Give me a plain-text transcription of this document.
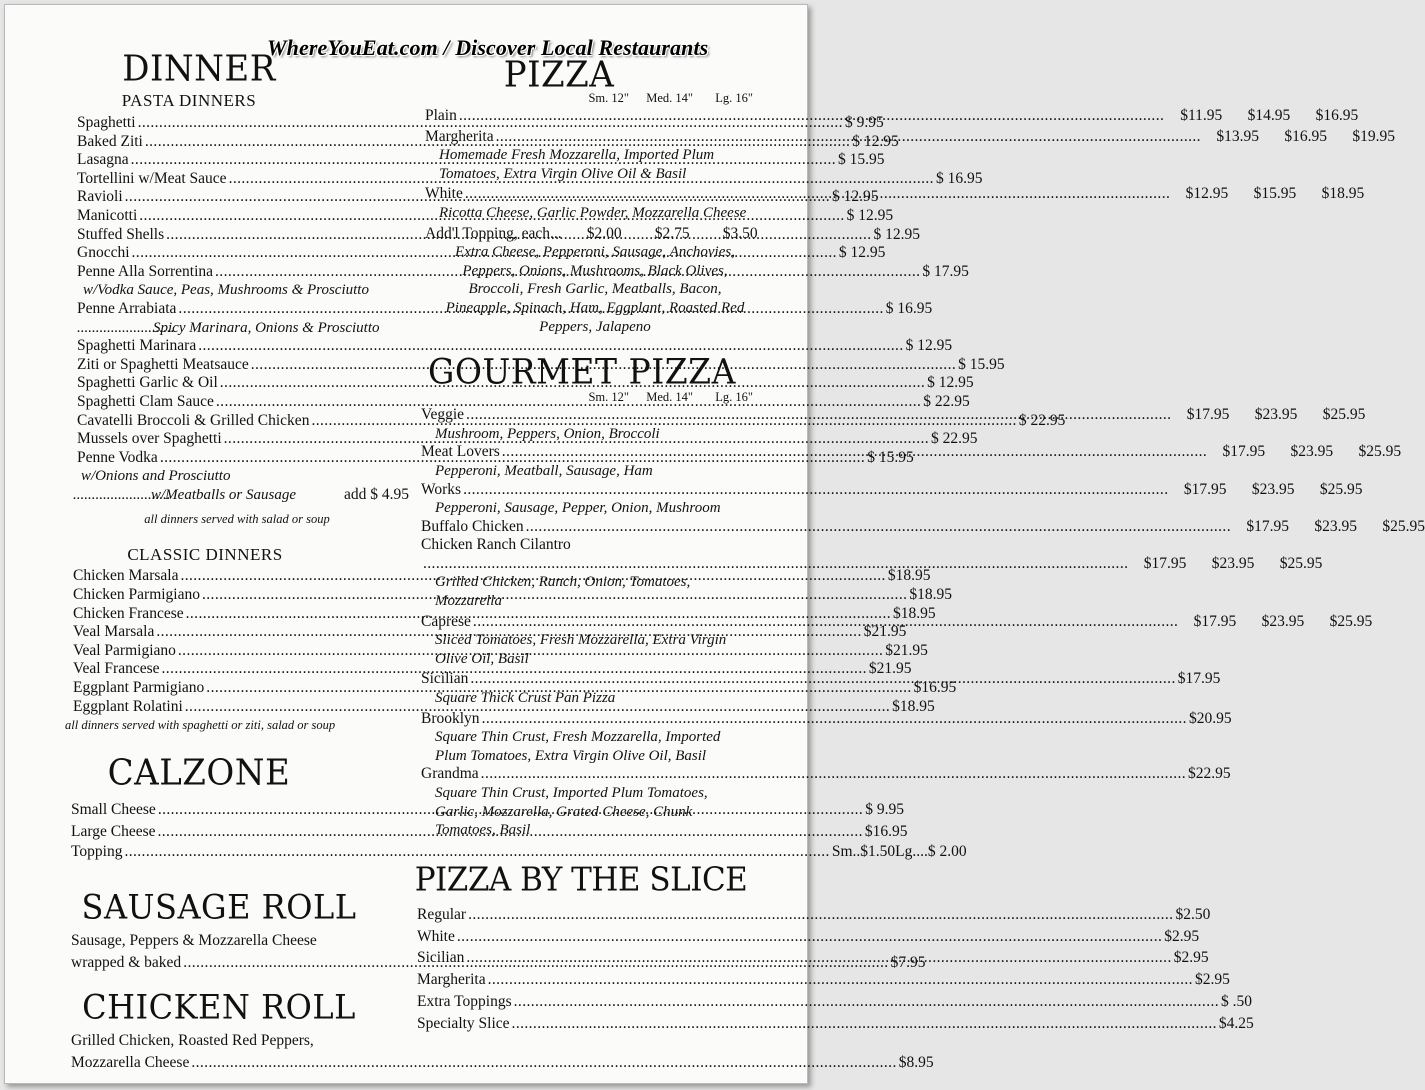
WhereYouEat.com / Discover Local Restaurants
DINNER
PASTA DINNERS
Spaghetti .....	$ 9.95
Baked Ziti .....	$ 12.95
Lasagna .....	$ 15.95
Tortellini w/Meat Sauce .....	$ 16.95
Ravioli .....	$ 12.95
Manicotti .....	$ 12.95
Stuffed Shells .....	$ 12.95
Gnocchi .....	$ 12.95
Penne Alla Sorrentina .....	$ 17.95
w/Vodka Sauce, Peas, Mushrooms & Prosciutto
Penne Arrabiata .....	$ 16.95
..........................
Spicy Marinara, Onions & Prosciutto
Spaghetti Marinara .....	$ 12.95
Ziti or Spaghetti Meatsauce .....	$ 15.95
Spaghetti Garlic & Oil .....	$ 12.95
Spaghetti Clam Sauce .....	$ 22.95
Cavatelli Broccoli & Grilled Chicken .....	$ 22.95
Mussels over Spaghetti .....	$ 22.95
Penne Vodka .....	$ 15.95
w/Onions and Prosciutto
..........................
w/Meatballs or Sausage	add $ 4.95
all dinners served with salad or soup
CLASSIC DINNERS
Chicken Marsala .....	$18.95
Chicken Parmigiano .....	$18.95
Chicken Francese .....	$18.95
Veal Marsala .....	$21.95
Veal Parmigiano .....	$21.95
Veal Francese .....	$21.95
Eggplant Parmigiano .....	$16.95
Eggplant Rolatini .....	$18.95
all dinners served with spaghetti or ziti, salad or soup
CALZONE
Small Cheese .....	$ 9.95
Large Cheese .....	$16.95
Topping .....	Sm..$1.50 Lg....$ 2.00
SAUSAGE ROLL
Sausage, Peppers & Mozzarella Cheese
wrapped & baked .....	$7.95
CHICKEN ROLL
Grilled Chicken, Roasted Red Peppers,
Mozzarella Cheese .....	$8.95
PIZZA
Sm. 12"	Med. 14"	Lg. 16"
Plain .....	$11.95	$14.95	$16.95
Margherita .....	$13.95	$16.95	$19.95
Homemade Fresh Mozzarella, Imported Plum Tomatoes, Extra Virgin Olive Oil & Basil
White .....	$12.95	$15.95	$18.95
Ricotta Cheese, Garlic Powder, Mozzarella Cheese
Add'l Topping, each...	$2.00	$2.75	$3.50
Extra Cheese, Pepperoni, Sausage, Anchovies, Peppers, Onions, Mushrooms, Black Olives, Broccoli, Fresh Garlic, Meatballs, Bacon, Pineapple, Spinach, Ham, Eggplant, Roasted Red Peppers, Jalapeno
GOURMET PIZZA
Sm. 12"	Med. 14"	Lg. 16"
Veggie .....	$17.95	$23.95	$25.95
Mushroom, Peppers, Onion, Broccoli
Meat Lovers .....	$17.95	$23.95	$25.95
Pepperoni, Meatball, Sausage, Ham
Works .....	$17.95	$23.95	$25.95
Pepperoni, Sausage, Pepper, Onion, Mushroom
Buffalo Chicken .....	$17.95	$23.95	$25.95
Chicken Ranch Cilantro
.....
$17.95	$23.95	$25.95
Grilled Chicken, Ranch, Onion, Tomatoes, Mozzarella
Caprese .....	$17.95	$23.95	$25.95
Sliced Tomatoes, Fresh Mozzarella, Extra Virgin Olive Oil, Basil
Sicilian .....	$17.95
Square Thick Crust Pan Pizza
Brooklyn .....	$20.95
Square Thin Crust, Fresh Mozzarella, Imported Plum Tomatoes, Extra Virgin Olive Oil, Basil
Grandma .....	$22.95
Square Thin Crust, Imported Plum Tomatoes, Garlic, Mozzarella, Grated Cheese, Chunk Tomatoes, Basil
PIZZA BY THE SLICE
Regular .....	$2.50
White .....	$2.95
Sicilian .....	$2.95
Margherita .....	$2.95
Extra Toppings .....	$ .50
Specialty Slice .....	$4.25
